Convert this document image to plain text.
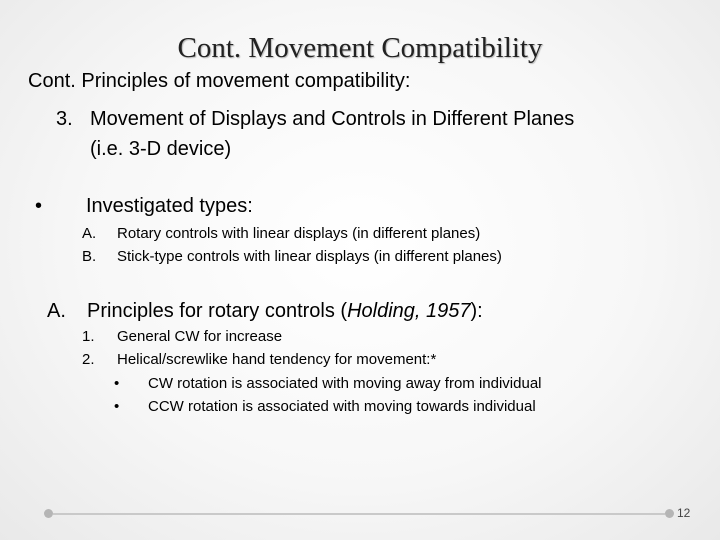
Cont. Movement Compatibility
Cont. Principles of movement compatibility:
3. Movement of Displays and Controls in Different Planes
(i.e. 3-D device)
• Investigated types:
A. Rotary controls with linear displays (in different planes)
B. Stick-type controls with linear displays (in different planes)
A. Principles for rotary controls (Holding, 1957):
1. General CW for increase
2. Helical/screwlike hand tendency for movement:*
• CW rotation is associated with moving away from individual
• CCW rotation is associated with moving towards individual
12
